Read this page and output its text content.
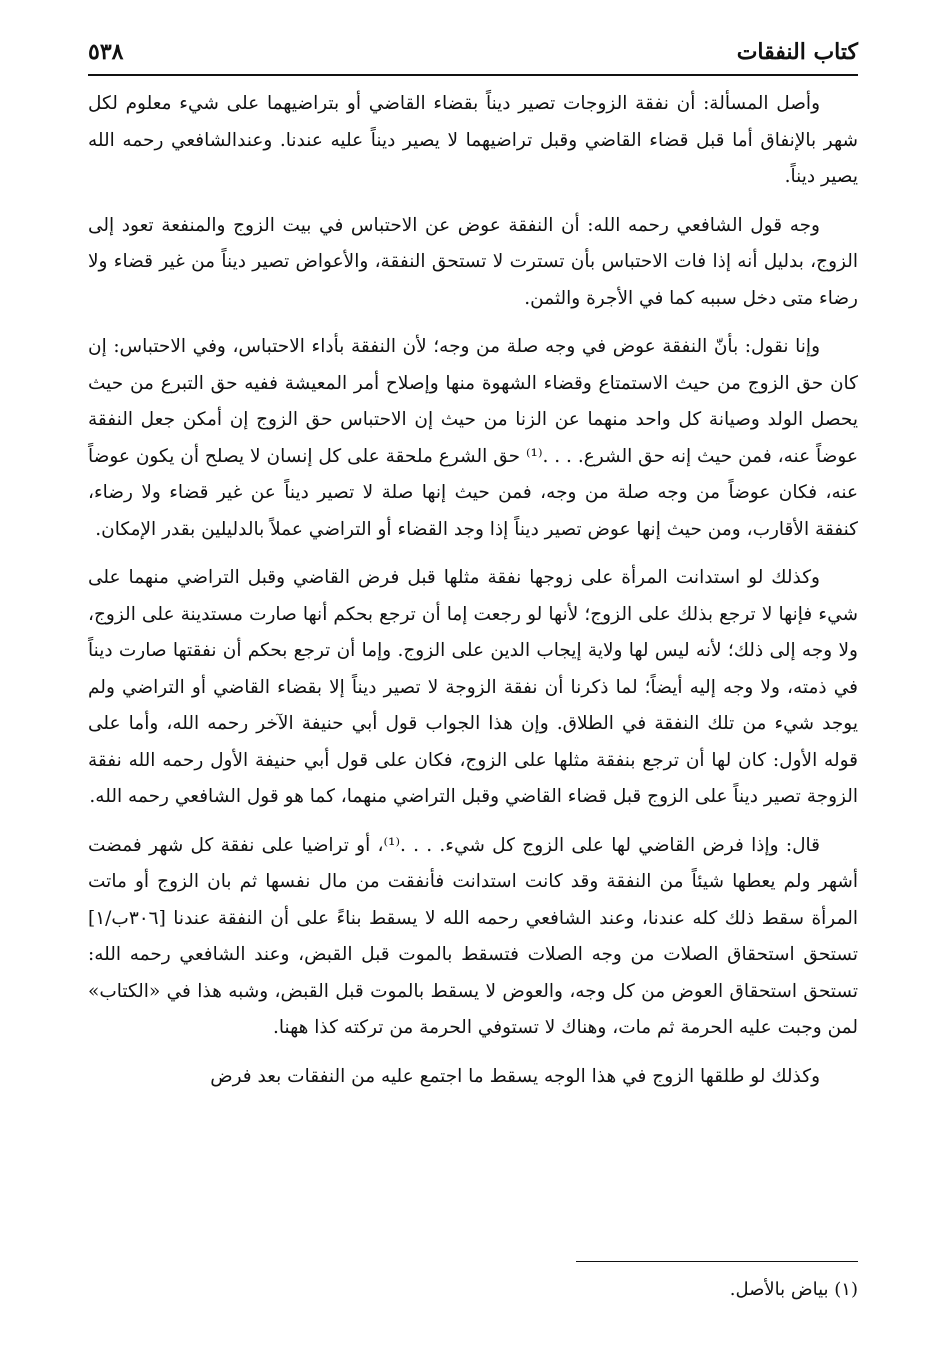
كتاب النفقات
٥٣٨

وأصل المسألة: أن نفقة الزوجات تصير ديناً بقضاء القاضي أو بتراضيهما على شيء معلوم لكل شهر بالإنفاق أما قبل قضاء القاضي وقبل تراضيهما لا يصير ديناً عليه عندنا. وعندالشافعي رحمه الله يصير ديناً.

وجه قول الشافعي رحمه الله: أن النفقة عوض عن الاحتباس في بيت الزوج والمنفعة تعود إلى الزوج، بدليل أنه إذا فات الاحتباس بأن تسترت لا تستحق النفقة، والأعواض تصير ديناً من غير قضاء ولا رضاء متى دخل سببه كما في الأجرة والثمن.

وإنا نقول: بأنّ النفقة عوض في وجه صلة من وجه؛ لأن النفقة بأداء الاحتباس، وفي الاحتباس: إن كان حق الزوج من حيث الاستمتاع وقضاء الشهوة منها وإصلاح أمر المعيشة ففيه حق التبرع من حيث يحصل الولد وصيانة كل واحد منهما عن الزنا من حيث إن الاحتباس حق الزوج إن أمكن جعل النفقة عوضاً عنه، فمن حيث إنه حق الشرع. . . .⁽¹⁾ حق الشرع ملحقة على كل إنسان لا يصلح أن يكون عوضاً عنه، فكان عوضاً من وجه صلة من وجه، فمن حيث إنها صلة لا تصير ديناً عن غير قضاء ولا رضاء، كنفقة الأقارب، ومن حيث إنها عوض تصير ديناً إذا وجد القضاء أو التراضي عملاً بالدليلين بقدر الإمكان.

وكذلك لو استدانت المرأة على زوجها نفقة مثلها قبل فرض القاضي وقبل التراضي منهما على شيء فإنها لا ترجع بذلك على الزوج؛ لأنها لو رجعت إما أن ترجع بحكم أنها صارت مستدينة على الزوج، ولا وجه إلى ذلك؛ لأنه ليس لها ولاية إيجاب الدين على الزوج. وإما أن ترجع بحكم أن نفقتها صارت ديناً في ذمته، ولا وجه إليه أيضاً؛ لما ذكرنا أن نفقة الزوجة لا تصير ديناً إلا بقضاء القاضي أو التراضي ولم يوجد شيء من تلك النفقة في الطلاق. وإن هذا الجواب قول أبي حنيفة الآخر رحمه الله، وأما على قوله الأول: كان لها أن ترجع بنفقة مثلها على الزوج، فكان على قول أبي حنيفة الأول رحمه الله نفقة الزوجة تصير ديناً على الزوج قبل قضاء القاضي وقبل التراضي منهما، كما هو قول الشافعي رحمه الله.

قال: وإذا فرض القاضي لها على الزوج كل شيء. . . .⁽¹⁾، أو تراضيا على نفقة كل شهر فمضت أشهر ولم يعطها شيئاً من النفقة وقد كانت استدانت فأنفقت من مال نفسها ثم بان الزوج أو ماتت المرأة سقط ذلك كله عندنا، وعند الشافعي رحمه الله لا يسقط بناءً على أن النفقة عندنا [٣٠٦ب/١] تستحق استحقاق الصلات من وجه الصلات فتسقط بالموت قبل القبض، وعند الشافعي رحمه الله: تستحق استحقاق العوض من كل وجه، والعوض لا يسقط بالموت قبل القبض، وشبه هذا في «الكتاب» لمن وجبت عليه الحرمة ثم مات، وهناك لا تستوفي الحرمة من تركته كذا ههنا.

وكذلك لو طلقها الزوج في هذا الوجه يسقط ما اجتمع عليه من النفقات بعد فرض

(١) بياض بالأصل.
